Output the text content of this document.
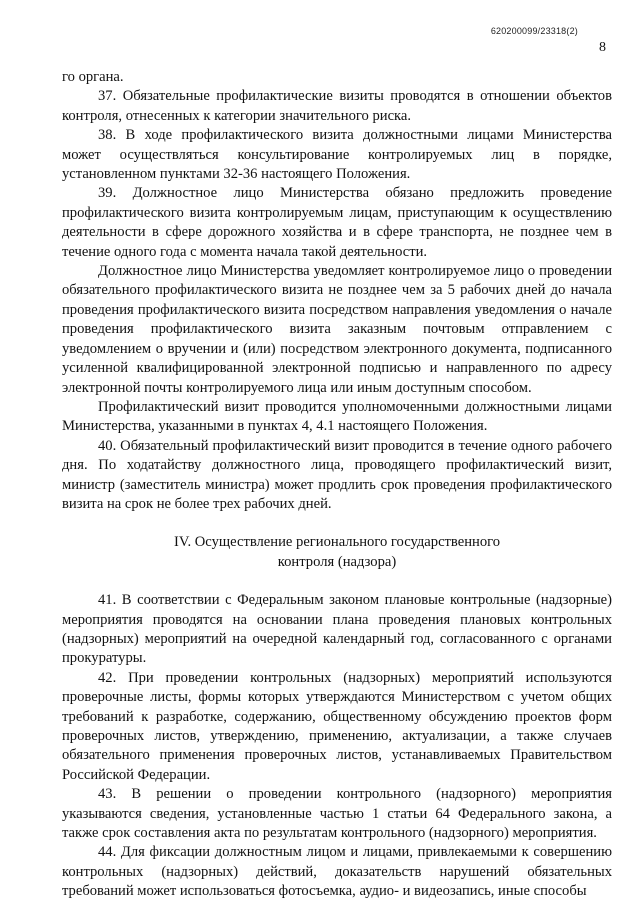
620200099/23318(2)
8

го органа.

37. Обязательные профилактические визиты проводятся в отношении объектов контроля, отнесенных к категории значительного риска.

38. В ходе профилактического визита должностными лицами Министерства может осуществляться консультирование контролируемых лиц в порядке, установленном пунктами 32-36 настоящего Положения.

39. Должностное лицо Министерства обязано предложить проведение профилактического визита контролируемым лицам, приступающим к осуществлению деятельности в сфере дорожного хозяйства и в сфере транспорта, не позднее чем в течение одного года с момента начала такой деятельности.

Должностное лицо Министерства уведомляет контролируемое лицо о проведении обязательного профилактического визита не позднее чем за 5 рабочих дней до начала проведения профилактического визита посредством направления уведомления о начале проведения профилактического визита заказным почтовым отправлением с уведомлением о вручении и (или) посредством электронного документа, подписанного усиленной квалифицированной электронной подписью и направленного по адресу электронной почты контролируемого лица или иным доступным способом.

Профилактический визит проводится уполномоченными должностными лицами Министерства, указанными в пунктах 4, 4.1 настоящего Положения.

40. Обязательный профилактический визит проводится в течение одного рабочего дня. По ходатайству должностного лица, проводящего профилактический визит, министр (заместитель министра) может продлить срок проведения профилактического визита на срок не более трех рабочих дней.

IV. Осуществление регионального государственного
контроля (надзора)

41. В соответствии с Федеральным законом плановые контрольные (надзорные) мероприятия проводятся на основании плана проведения плановых контрольных (надзорных) мероприятий на очередной календарный год, согласованного с органами прокуратуры.

42. При проведении контрольных (надзорных) мероприятий используются проверочные листы, формы которых утверждаются Министерством с учетом общих требований к разработке, содержанию, общественному обсуждению проектов форм проверочных листов, утверждению, применению, актуализации, а также случаев обязательного применения проверочных листов, устанавливаемых Правительством Российской Федерации.

43. В решении о проведении контрольного (надзорного) мероприятия указываются сведения, установленные частью 1 статьи 64 Федерального закона, а также срок составления акта по результатам контрольного (надзорного) мероприятия.

44. Для фиксации должностным лицом и лицами, привлекаемыми к совершению контрольных (надзорных) действий, доказательств нарушений обязательных требований может использоваться фотосъемка, аудио- и видеозапись, иные способы
